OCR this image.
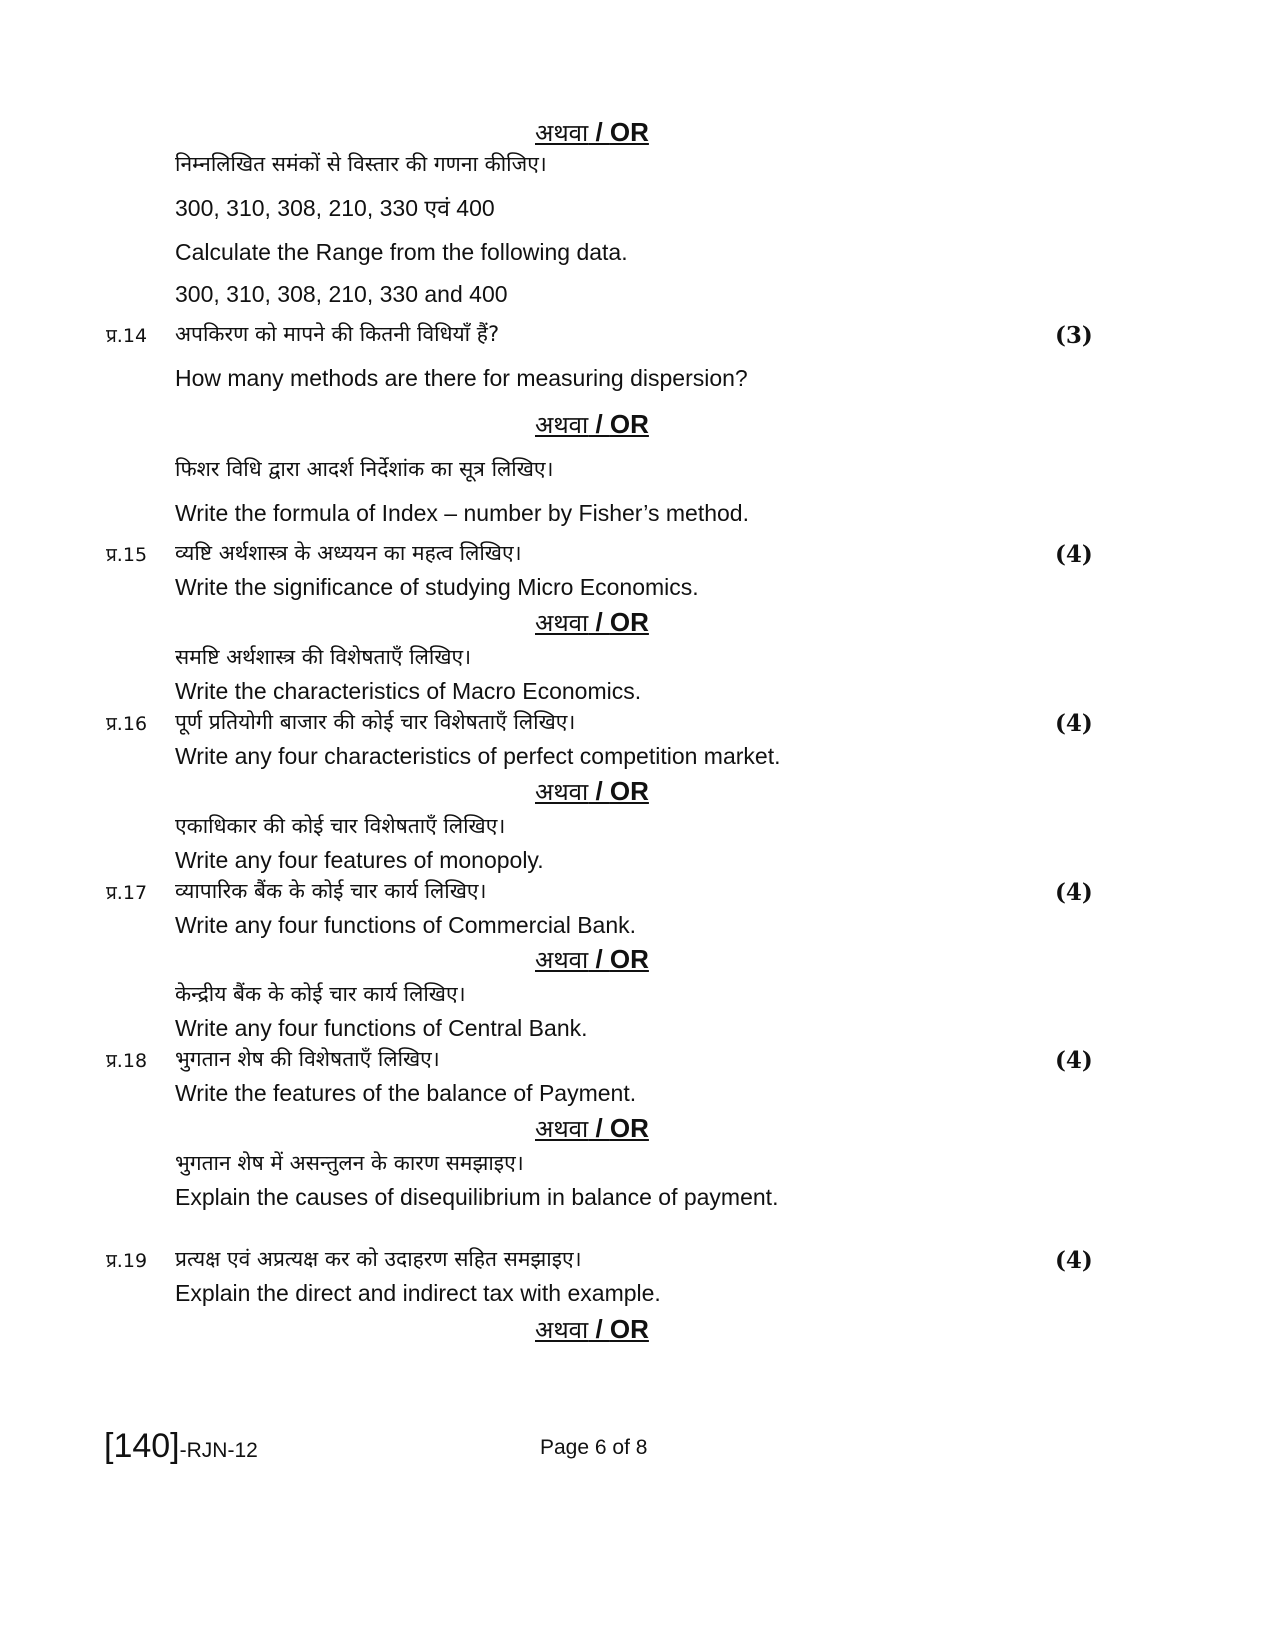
अथवा / OR
निम्नलिखित समंकों से विस्तार की गणना कीजिए।
300, 310, 308, 210, 330 एवं 400
Calculate the Range from the following data.
300, 310, 308, 210, 330 and 400
प्र.14 अपकिरण को मापने की कितनी विधियाँ हैं?	(3)
How many methods are there for measuring dispersion?
अथवा / OR
फिशर विधि द्वारा आदर्श निर्देशांक का सूत्र लिखिए।
Write the formula of Index – number by Fisher’s method.
प्र.15 व्यष्टि अर्थशास्त्र के अध्ययन का महत्व लिखिए।	(4)
Write the significance of studying Micro Economics.
अथवा / OR
समष्टि अर्थशास्त्र की विशेषताएँ लिखिए।
Write the characteristics of Macro Economics.
प्र.16 पूर्ण प्रतियोगी बाजार की कोई चार विशेषताएँ लिखिए।	(4)
Write any four characteristics of perfect competition market.
अथवा / OR
एकाधिकार की कोई चार विशेषताएँ लिखिए।
Write any four features of monopoly.
प्र.17 व्यापारिक बैंक के कोई चार कार्य लिखिए।	(4)
Write any four functions of Commercial Bank.
अथवा / OR
केन्द्रीय बैंक के कोई चार कार्य लिखिए।
Write any four functions of Central Bank.
प्र.18 भुगतान शेष की विशेषताएँ लिखिए।	(4)
Write the features of the balance of Payment.
अथवा / OR
भुगतान शेष में असन्तुलन के कारण समझाइए।
Explain the causes of disequilibrium in balance of payment.
प्र.19 प्रत्यक्ष एवं अप्रत्यक्ष कर को उदाहरण सहित समझाइए।	(4)
Explain the direct and indirect tax with example.
अथवा / OR
[140]-RJN-12	Page 6 of 8
